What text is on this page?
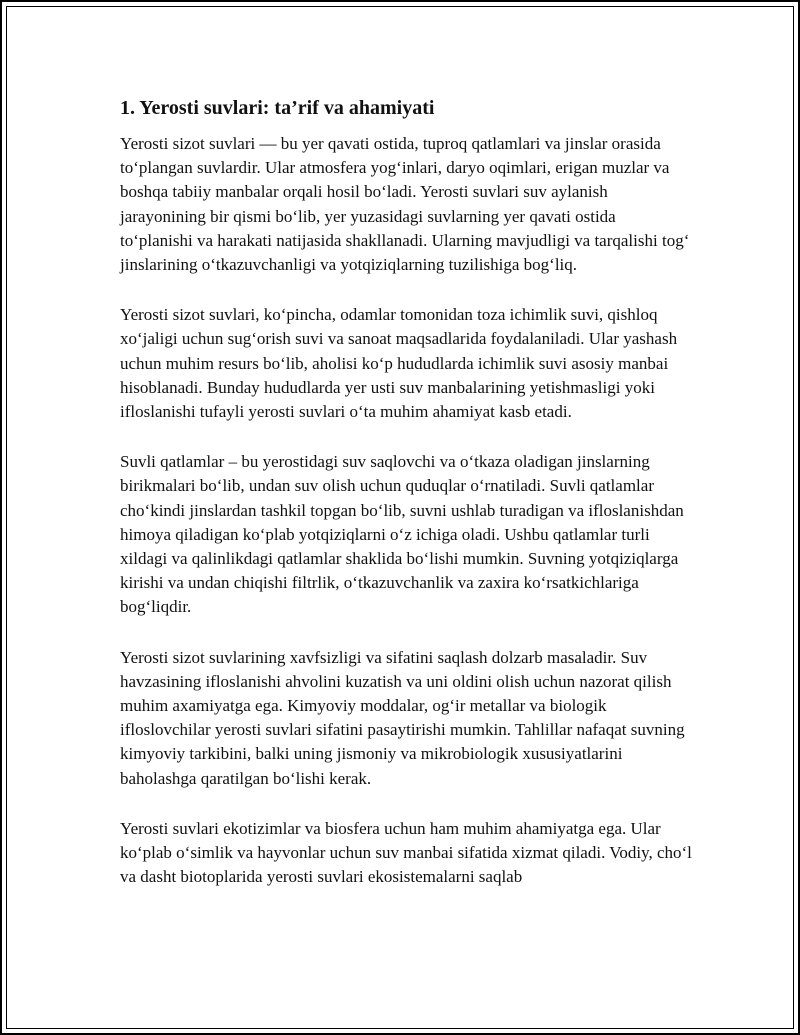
1. Yerosti suvlari: ta’rif va ahamiyati

Yerosti sizot suvlari — bu yer qavati ostida, tuproq qatlamlari va jinslar orasida to‘plangan suvlardir. Ular atmosfera yog‘inlari, daryo oqimlari, erigan muzlar va boshqa tabiiy manbalar orqali hosil bo‘ladi. Yerosti suvlari suv aylanish jarayonining bir qismi bo‘lib, yer yuzasidagi suvlarning yer qavati ostida to‘planishi va harakati natijasida shakllanadi. Ularning mavjudligi va tarqalishi tog‘ jinslarining o‘tkazuvchanligi va yotqiziqlarning tuzilishiga bog‘liq.

Yerosti sizot suvlari, ko‘pincha, odamlar tomonidan toza ichimlik suvi, qishloq xo‘jaligi uchun sug‘orish suvi va sanoat maqsadlarida foydalaniladi. Ular yashash uchun muhim resurs bo‘lib, aholisi ko‘p hududlarda ichimlik suvi asosiy manbai hisoblanadi. Bunday hududlarda yer usti suv manbalarining yetishmasligi yoki ifloslanishi tufayli yerosti suvlari o‘ta muhim ahamiyat kasb etadi.

Suvli qatlamlar – bu yerostidagi suv saqlovchi va o‘tkaza oladigan jinslarning birikmalari bo‘lib, undan suv olish uchun quduqlar o‘rnatiladi. Suvli qatlamlar cho‘kindi jinslardan tashkil topgan bo‘lib, suvni ushlab turadigan va ifloslanishdan himoya qiladigan ko‘plab yotqiziqlarni o‘z ichiga oladi. Ushbu qatlamlar turli xildagi va qalinlikdagi qatlamlar shaklida bo‘lishi mumkin. Suvning yotqiziqlarga kirishi va undan chiqishi filtrlik, o‘tkazuvchanlik va zaxira ko‘rsatkichlariga bog‘liqdir.

Yerosti sizot suvlarining xavfsizligi va sifatini saqlash dolzarb masaladir. Suv havzasining ifloslanishi ahvolini kuzatish va uni oldini olish uchun nazorat qilish muhim axamiyatga ega. Kimyoviy moddalar, og‘ir metallar va biologik ifloslovchilar yerosti suvlari sifatini pasaytirishi mumkin. Tahlillar nafaqat suvning kimyoviy tarkibini, balki uning jismoniy va mikrobiologik xususiyatlarini baholashga qaratilgan bo‘lishi kerak.

Yerosti suvlari ekotizimlar va biosfera uchun ham muhim ahamiyatga ega. Ular ko‘plab o‘simlik va hayvonlar uchun suv manbai sifatida xizmat qiladi. Vodiy, cho‘l va dasht biotoplarida yerosti suvlari ekosistemalarni saqlab
